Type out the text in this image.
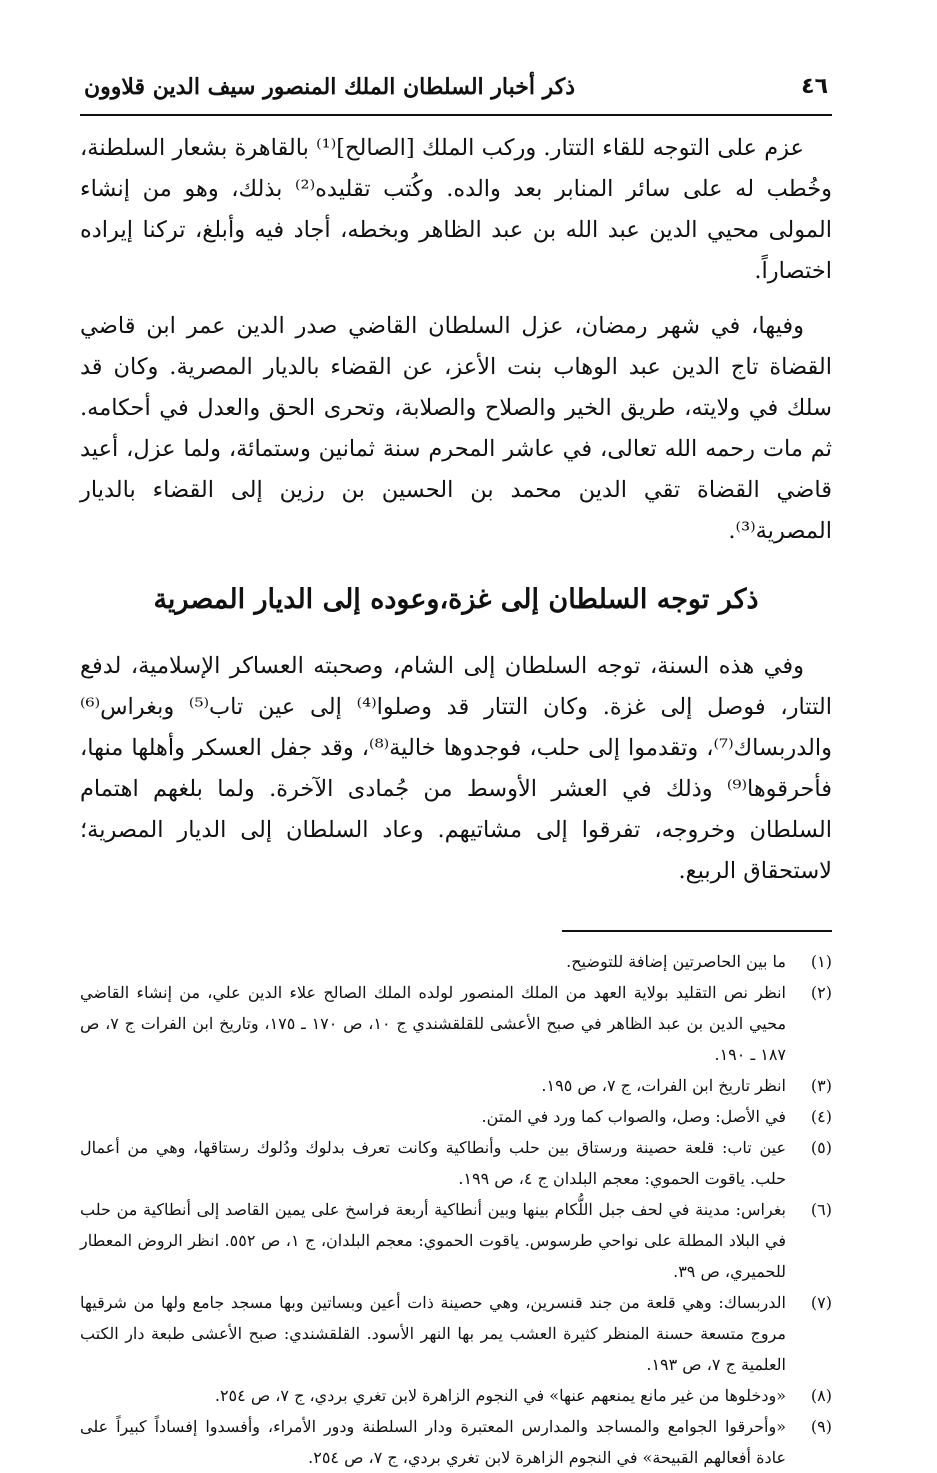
٤٦
ذكر أخبار السلطان الملك المنصور سيف الدين قلاوون

عزم على التوجه للقاء التتار. وركب الملك [الصالح]⁽¹⁾ بالقاهرة بشعار السلطنة، وخُطب له على سائر المنابر بعد والده. وكُتب تقليده⁽²⁾ بذلك، وهو من إنشاء المولى محيي الدين عبد الله بن عبد الظاهر وبخطه، أجاد فيه وأبلغ، تركنا إيراده اختصاراً.

وفيها، في شهر رمضان، عزل السلطان القاضي صدر الدين عمر ابن قاضي القضاة تاج الدين عبد الوهاب بنت الأعز، عن القضاء بالديار المصرية. وكان قد سلك في ولايته، طريق الخير والصلاح والصلابة، وتحرى الحق والعدل في أحكامه. ثم مات رحمه الله تعالى، في عاشر المحرم سنة ثمانين وستمائة، ولما عزل، أعيد قاضي القضاة تقي الدين محمد بن الحسين بن رزين إلى القضاء بالديار المصرية⁽³⁾.

ذكر توجه السلطان إلى غزة،وعوده إلى الديار المصرية

وفي هذه السنة، توجه السلطان إلى الشام، وصحبته العساكر الإسلامية، لدفع التتار، فوصل إلى غزة. وكان التتار قد وصلوا⁽⁴⁾ إلى عين تاب⁽⁵⁾ وبغراس⁽⁶⁾ والدربساك⁽⁷⁾، وتقدموا إلى حلب، فوجدوها خالية⁽⁸⁾، وقد جفل العسكر وأهلها منها، فأحرقوها⁽⁹⁾ وذلك في العشر الأوسط من جُمادى الآخرة. ولما بلغهم اهتمام السلطان وخروجه، تفرقوا إلى مشاتيهم. وعاد السلطان إلى الديار المصرية؛ لاستحقاق الربيع.

(١)
ما بين الحاصرتين إضافة للتوضيح.
(٢)
انظر نص التقليد بولاية العهد من الملك المنصور لولده الملك الصالح علاء الدين علي، من إنشاء القاضي محيي الدين بن عبد الظاهر في صبح الأعشى للقلقشندي ج ١٠، ص ١٧٠ ـ ١٧٥، وتاريخ ابن الفرات ج ٧، ص ١٨٧ ـ ١٩٠.
(٣)
انظر تاريخ ابن الفرات، ج ٧، ص ١٩٥.
(٤)
في الأصل: وصل، والصواب كما ورد في المتن.
(٥)
عين تاب: قلعة حصينة ورستاق بين حلب وأنطاكية وكانت تعرف بدلوك ودُلوك رستاقها، وهي من أعمال حلب. ياقوت الحموي: معجم البلدان ج ٤، ص ١٩٩.
(٦)
بغراس: مدينة في لحف جبل اللُّكام بينها وبين أنطاكية أربعة فراسخ على يمين القاصد إلى أنطاكية من حلب في البلاد المطلة على نواحي طرسوس. ياقوت الحموي: معجم البلدان، ج ١، ص ٥٥٢. انظر الروض المعطار للحميري، ص ٣٩.
(٧)
الدربساك: وهي قلعة من جند قنسرين، وهي حصينة ذات أعين وبساتين وبها مسجد جامع ولها من شرقيها مروج متسعة حسنة المنظر كثيرة العشب يمر بها النهر الأسود. القلقشندي: صبح الأعشى طبعة دار الكتب العلمية ج ٧، ص ١٩٣.
(٨)
«ودخلوها من غير مانع يمنعهم عنها» في النجوم الزاهرة لابن تغري بردي، ج ٧، ص ٢٥٤.
(٩)
«وأحرقوا الجوامع والمساجد والمدارس المعتبرة ودار السلطنة ودور الأمراء، وأفسدوا إفساداً كبيراً على عادة أفعالهم القبيحة» في النجوم الزاهرة لابن تغري بردي، ج ٧، ص ٢٥٤.
